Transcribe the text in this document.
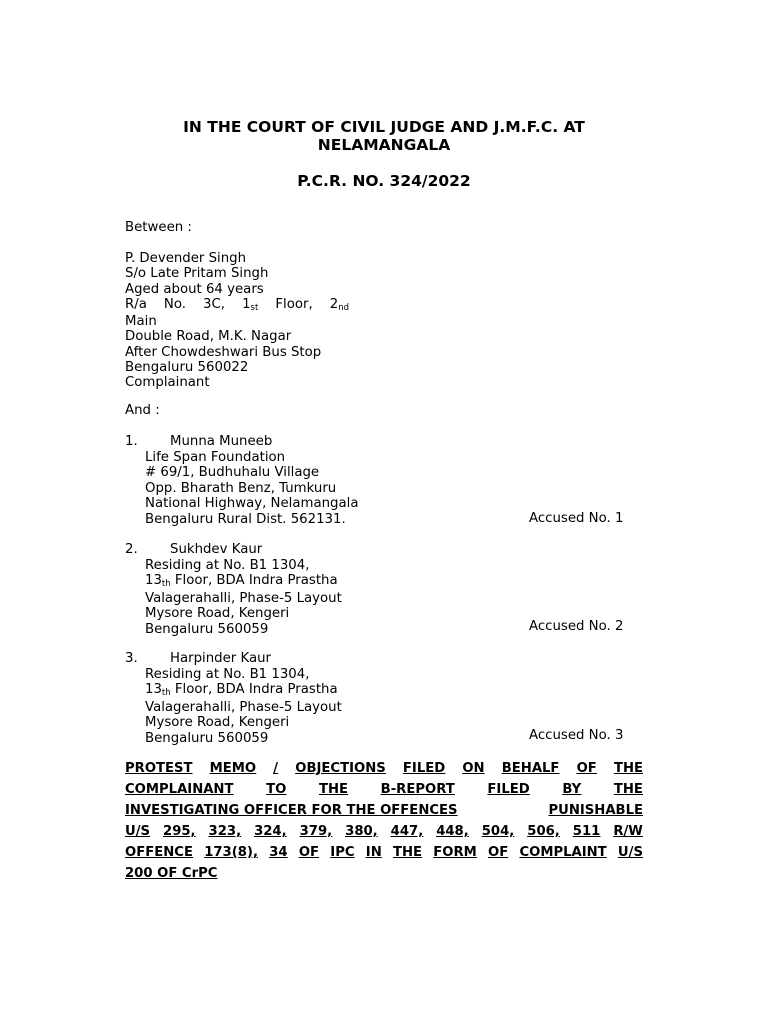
IN THE COURT OF CIVIL JUDGE AND J.M.F.C. AT
NELAMANGALA
P.C.R. NO. 324/2022
Between :
P. Devender Singh
S/o Late Pritam Singh
Aged about 64 years
R/a No. 3C, $1_{st}$ Floor, $2_{nd}$
Main
Double Road, M.K. Nagar
After Chowdeshwari Bus Stop
Bengaluru 560022
Complainant
And :
1.	Munna Muneeb
Life Span Foundation
# 69/1, Budhuhalu Village
Opp. Bharath Benz, Tumkuru
National Highway, Nelamangala
Bengaluru Rural Dist. 562131.	Accused No. 1
2.	Sukhdev Kaur
Residing at No. B1 1304,
$13_{th}$ Floor, BDA Indra Prastha
Valagerahalli, Phase-5 Layout
Mysore Road, Kengeri
Bengaluru 560059	Accused No. 2
3.	Harpinder Kaur
Residing at No. B1 1304,
$13_{th}$ Floor, BDA Indra Prastha
Valagerahalli, Phase-5 Layout
Mysore Road, Kengeri
Bengaluru 560059	Accused No. 3
PROTEST MEMO / OBJECTIONS FILED ON BEHALF OF THE
COMPLAINANT TO THE B-REPORT FILED BY THE
INVESTIGATING OFFICER FOR THE OFFENCES	PUNISHABLE
U/S 295, 323, 324, 379, 380, 447, 448, 504, 506, 511 R/W
OFFENCE 173(8), 34 OF IPC IN THE FORM OF COMPLAINT U/S
200 OF CrPC
